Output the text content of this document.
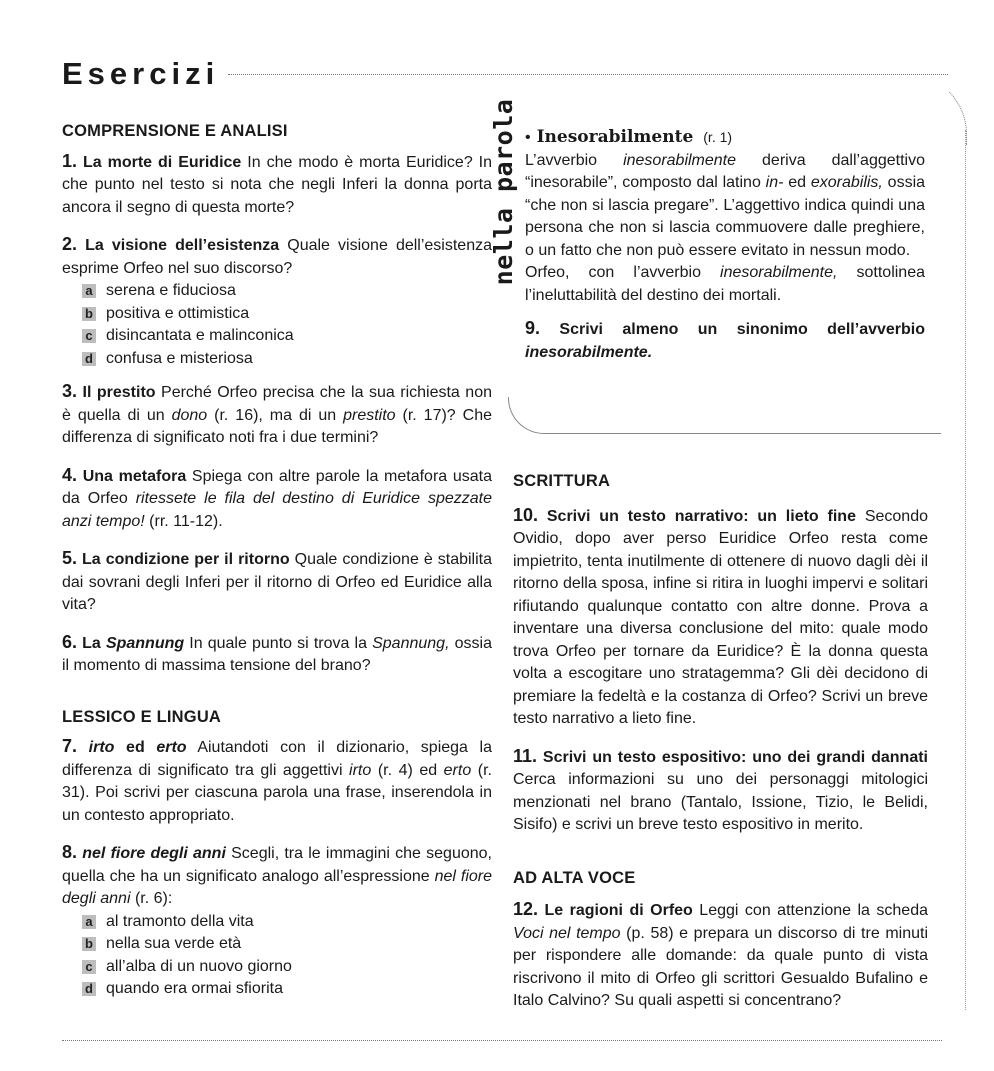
Esercizi
COMPRENSIONE E ANALISI

1. La morte di Euridice In che modo è morta Euridice? In che punto nel testo si nota che negli Inferi la donna porta ancora il segno di questa morte?

2. La visione dell’esistenza Quale visione dell’esistenza esprime Orfeo nel suo discorso?

a serena e fiduciosa
b positiva e ottimistica
c disincantata e malinconica
d confusa e misteriosa

3. Il prestito Perché Orfeo precisa che la sua richiesta non è quella di un dono (r. 16), ma di un prestito (r. 17)? Che differenza di significato noti fra i due termini?

4. Una metafora Spiega con altre parole la metafora usata da Orfeo ritessete le fila del destino di Euridice spezzate anzi tempo! (rr. 11-12).

5. La condizione per il ritorno Quale condizione è stabilita dai sovrani degli Inferi per il ritorno di Orfeo ed Euridice alla vita?

6. La Spannung In quale punto si trova la Spannung, ossia il momento di massima tensione del brano?

LESSICO E LINGUA

7. irto ed erto Aiutandoti con il dizionario, spiega la differenza di significato tra gli aggettivi irto (r. 4) ed erto (r. 31). Poi scrivi per ciascuna parola una frase, inserendola in un contesto appropriato.

8. nel fiore degli anni Scegli, tra le immagini che seguono, quella che ha un significato analogo all’espressione nel fiore degli anni (r. 6):

a al tramonto della vita
b nella sua verde età
c all’alba di un nuovo giorno
d quando era ormai sfiorita

• Inesorabilmente (r. 1)

L’avverbio inesorabilmente deriva dall’aggettivo “inesorabile”, composto dal latino in- ed exorabilis, ossia “che non si lascia pregare”. L’aggettivo indica quindi una persona che non si lascia commuovere dalle preghiere, o un fatto che non può essere evitato in nessun modo.

Orfeo, con l’avverbio inesorabilmente, sottolinea l’ineluttabilità del destino dei mortali.

9. Scrivi almeno un sinonimo dell’avverbio inesorabilmente.

nella parola
SCRITTURA

10. Scrivi un testo narrativo: un lieto fine Secondo Ovidio, dopo aver perso Euridice Orfeo resta come impietrito, tenta inutilmente di ottenere di nuovo dagli dèi il ritorno della sposa, infine si ritira in luoghi impervi e solitari rifiutando qualunque contatto con altre donne. Prova a inventare una diversa conclusione del mito: quale modo trova Orfeo per tornare da Euridice? È la donna questa volta a escogitare uno stratagemma? Gli dèi decidono di premiare la fedeltà e la costanza di Orfeo? Scrivi un breve testo narrativo a lieto fine.

11. Scrivi un testo espositivo: uno dei grandi dannati Cerca informazioni su uno dei personaggi mitologici menzionati nel brano (Tantalo, Issione, Tizio, le Belidi, Sisifo) e scrivi un breve testo espositivo in merito.

AD ALTA VOCE

12. Le ragioni di Orfeo Leggi con attenzione la scheda Voci nel tempo (p. 58) e prepara un discorso di tre minuti per rispondere alle domande: da quale punto di vista riscrivono il mito di Orfeo gli scrittori Gesualdo Bufalino e Italo Calvino? Su quali aspetti si concentrano?
